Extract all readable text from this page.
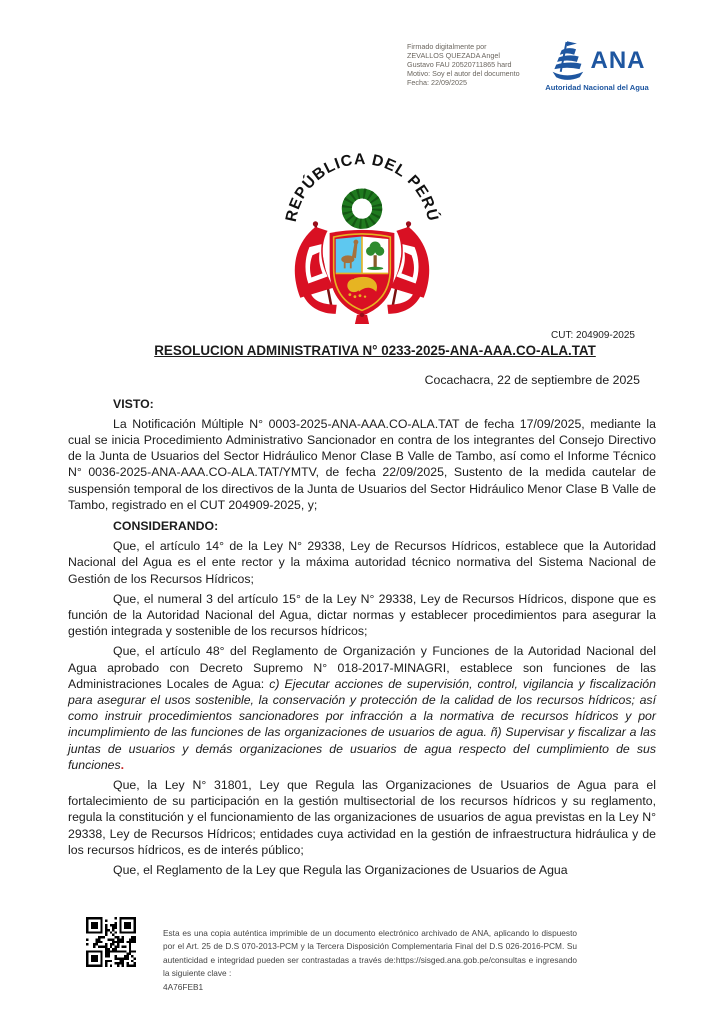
Firmado digitalmente por
ZEVALLOS QUEZADA Angel
Gustavo FAU 20520711865 hard
Motivo: Soy el autor del documento
Fecha: 22/09/2025
ANA
Autoridad Nacional del Agua
REPÚBLICA DEL PERÚ
CUT: 204909-2025
RESOLUCION ADMINISTRATIVA N° 0233-2025-ANA-AAA.CO-ALA.TAT
Cocachacra, 22 de septiembre de 2025
VISTO:

La Notificación Múltiple N° 0003-2025-ANA-AAA.CO-ALA.TAT de fecha 17/09/2025, mediante la cual se inicia Procedimiento Administrativo Sancionador en contra de los integrantes del Consejo Directivo de la Junta de Usuarios del Sector Hidráulico Menor Clase B Valle de Tambo, así como el Informe Técnico N° 0036-2025-ANA-AAA.CO-ALA.TAT/YMTV, de fecha 22/09/2025, Sustento de la medida cautelar de suspensión temporal de los directivos de la Junta de Usuarios del Sector Hidráulico Menor Clase B Valle de Tambo, registrado en el CUT 204909-2025, y;

CONSIDERANDO:

Que, el artículo 14° de la Ley N° 29338, Ley de Recursos Hídricos, establece que la Autoridad Nacional del Agua es el ente rector y la máxima autoridad técnico normativa del Sistema Nacional de Gestión de los Recursos Hídricos;

Que, el numeral 3 del artículo 15° de la Ley N° 29338, Ley de Recursos Hídricos, dispone que es función de la Autoridad Nacional del Agua, dictar normas y establecer procedimientos para asegurar la gestión integrada y sostenible de los recursos hídricos;

Que, el artículo 48° del Reglamento de Organización y Funciones de la Autoridad Nacional del Agua aprobado con Decreto Supremo N° 018-2017-MINAGRI, establece son funciones de las Administraciones Locales de Agua: c) Ejecutar acciones de supervisión, control, vigilancia y fiscalización para asegurar el usos sostenible, la conservación y protección de la calidad de los recursos hídricos; así como instruir procedimientos sancionadores por infracción a la normativa de recursos hídricos y por incumplimiento de las funciones de las organizaciones de usuarios de agua. ñ) Supervisar y fiscalizar a las juntas de usuarios y demás organizaciones de usuarios de agua respecto del cumplimiento de sus funciones.

Que, la Ley N° 31801, Ley que Regula las Organizaciones de Usuarios de Agua para el fortalecimiento de su participación en la gestión multisectorial de los recursos hídricos y su reglamento, regula la constitución y el funcionamiento de las organizaciones de usuarios de agua previstas en la Ley N° 29338, Ley de Recursos Hídricos; entidades cuya actividad en la gestión de infraestructura hidráulica y de los recursos hídricos, es de interés público;

Que, el Reglamento de la Ley que Regula las Organizaciones de Usuarios de Agua

Esta es una copia auténtica imprimible de un documento electrónico archivado de ANA, aplicando lo dispuesto por el Art. 25 de D.S 070-2013-PCM y la Tercera Disposición Complementaria Final del D.S 026-2016-PCM. Su autenticidad e integridad pueden ser contrastadas a través de:https://sisged.ana.gob.pe/consultas e ingresando la siguiente clave :
4A76FEB1
